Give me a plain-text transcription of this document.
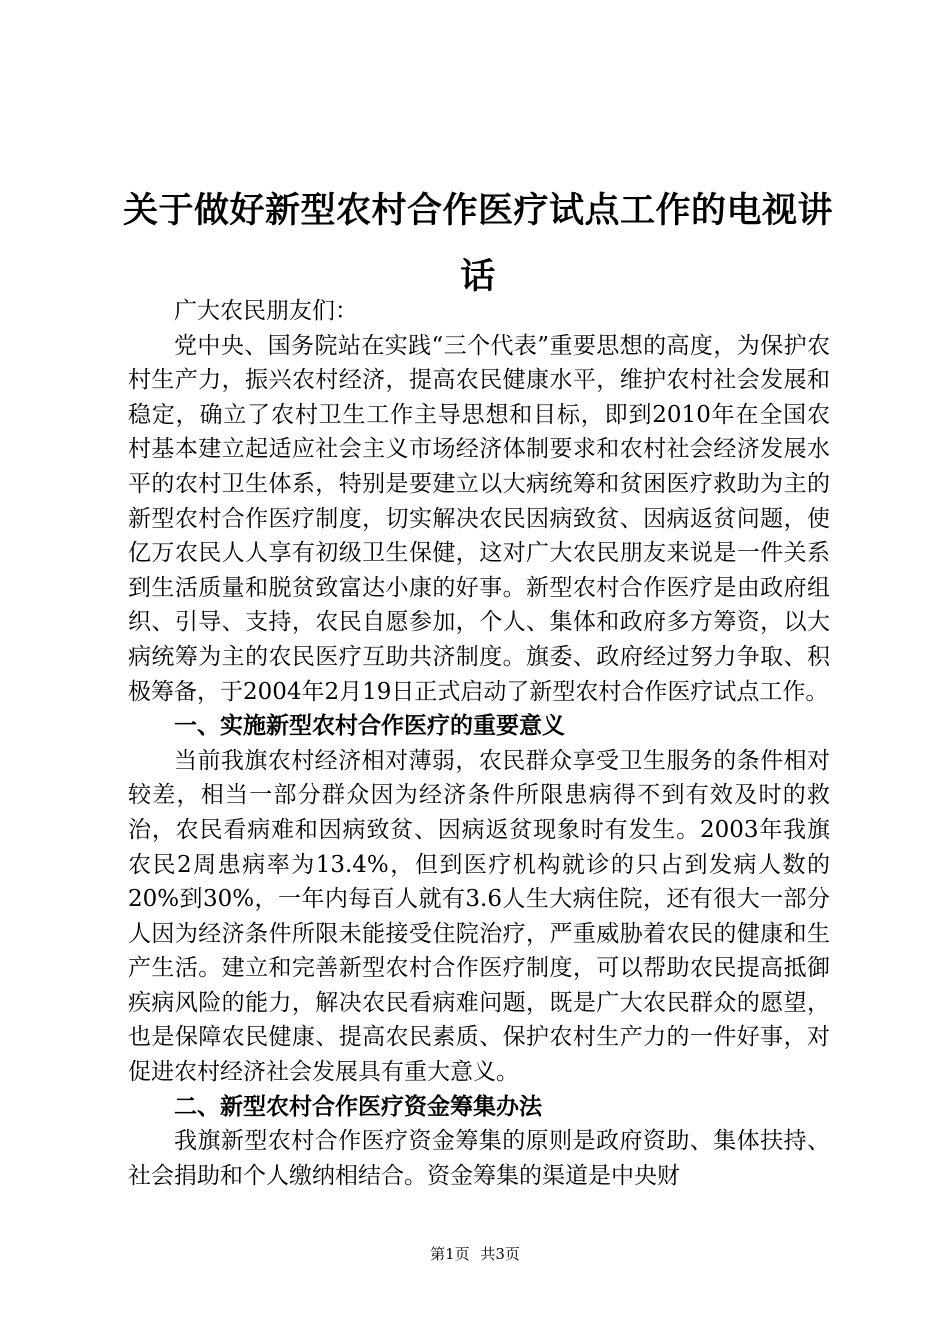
关于做好新型农村合作医疗试点工作的电视讲话

广大农民朋友们：

党中央、国务院站在实践“三个代表”重要思想的高度，为保护农村生产力，振兴农村经济，提高农民健康水平，维护农村社会发展和稳定，确立了农村卫生工作主导思想和目标，即到2010年在全国农村基本建立起适应社会主义市场经济体制要求和农村社会经济发展水平的农村卫生体系，特别是要建立以大病统筹和贫困医疗救助为主的新型农村合作医疗制度，切实解决农民因病致贫、因病返贫问题，使亿万农民人人享有初级卫生保健，这对广大农民朋友来说是一件关系到生活质量和脱贫致富达小康的好事。新型农村合作医疗是由政府组织、引导、支持，农民自愿参加，个人、集体和政府多方筹资，以大病统筹为主的农民医疗互助共济制度。旗委、政府经过努力争取、积极筹备，于2004年2月19日正式启动了新型农村合作医疗试点工作。

一、实施新型农村合作医疗的重要意义

当前我旗农村经济相对薄弱，农民群众享受卫生服务的条件相对较差，相当一部分群众因为经济条件所限患病得不到有效及时的救治，农民看病难和因病致贫、因病返贫现象时有发生。2003年我旗农民2周患病率为13.4%，但到医疗机构就诊的只占到发病人数的20%到30%，一年内每百人就有3.6人生大病住院，还有很大一部分人因为经济条件所限未能接受住院治疗，严重威胁着农民的健康和生产生活。建立和完善新型农村合作医疗制度，可以帮助农民提高抵御疾病风险的能力，解决农民看病难问题，既是广大农民群众的愿望，也是保障农民健康、提高农民素质、保护农村生产力的一件好事，对促进农村经济社会发展具有重大意义。

二、新型农村合作医疗资金筹集办法

我旗新型农村合作医疗资金筹集的原则是政府资助、集体扶持、社会捐助和个人缴纳相结合。资金筹集的渠道是中央财

第1页 共3页
